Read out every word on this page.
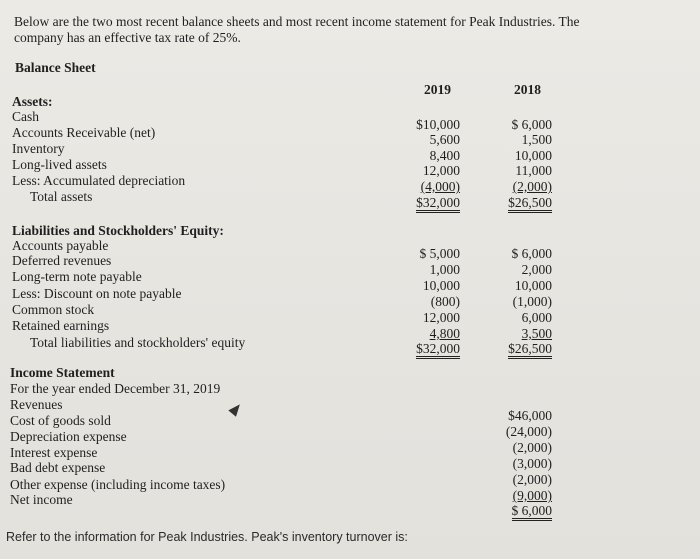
Below are the two most recent balance sheets and most recent income statement for Peak Industries. The
company has an effective tax rate of 25%.
Balance Sheet
2019	2018
Assets:
Cash
Accounts Receivable (net)
Inventory
Long-lived assets
Less: Accumulated depreciation
Total assets
$10,000
5,600
8,400
12,000
(4,000)
$32,000
$ 6,000
1,500
10,000
11,000
(2,000)
$26,500
Liabilities and Stockholders' Equity:
Accounts payable
Deferred revenues
Long-term note payable
Less: Discount on note payable
Common stock
Retained earnings
Total liabilities and stockholders' equity
$ 5,000
1,000
10,000
(800)
12,000
4,800
$32,000
$ 6,000
2,000
10,000
(1,000)
6,000
3,500
$26,500
Income Statement
For the year ended December 31, 2019
Revenues
Cost of goods sold
Depreciation expense
Interest expense
Bad debt expense
Other expense (including income taxes)
Net income
$46,000
(24,000)
(2,000)
(3,000)
(2,000)
(9,000)
$ 6,000
Refer to the information for Peak Industries. Peak's inventory turnover is:
